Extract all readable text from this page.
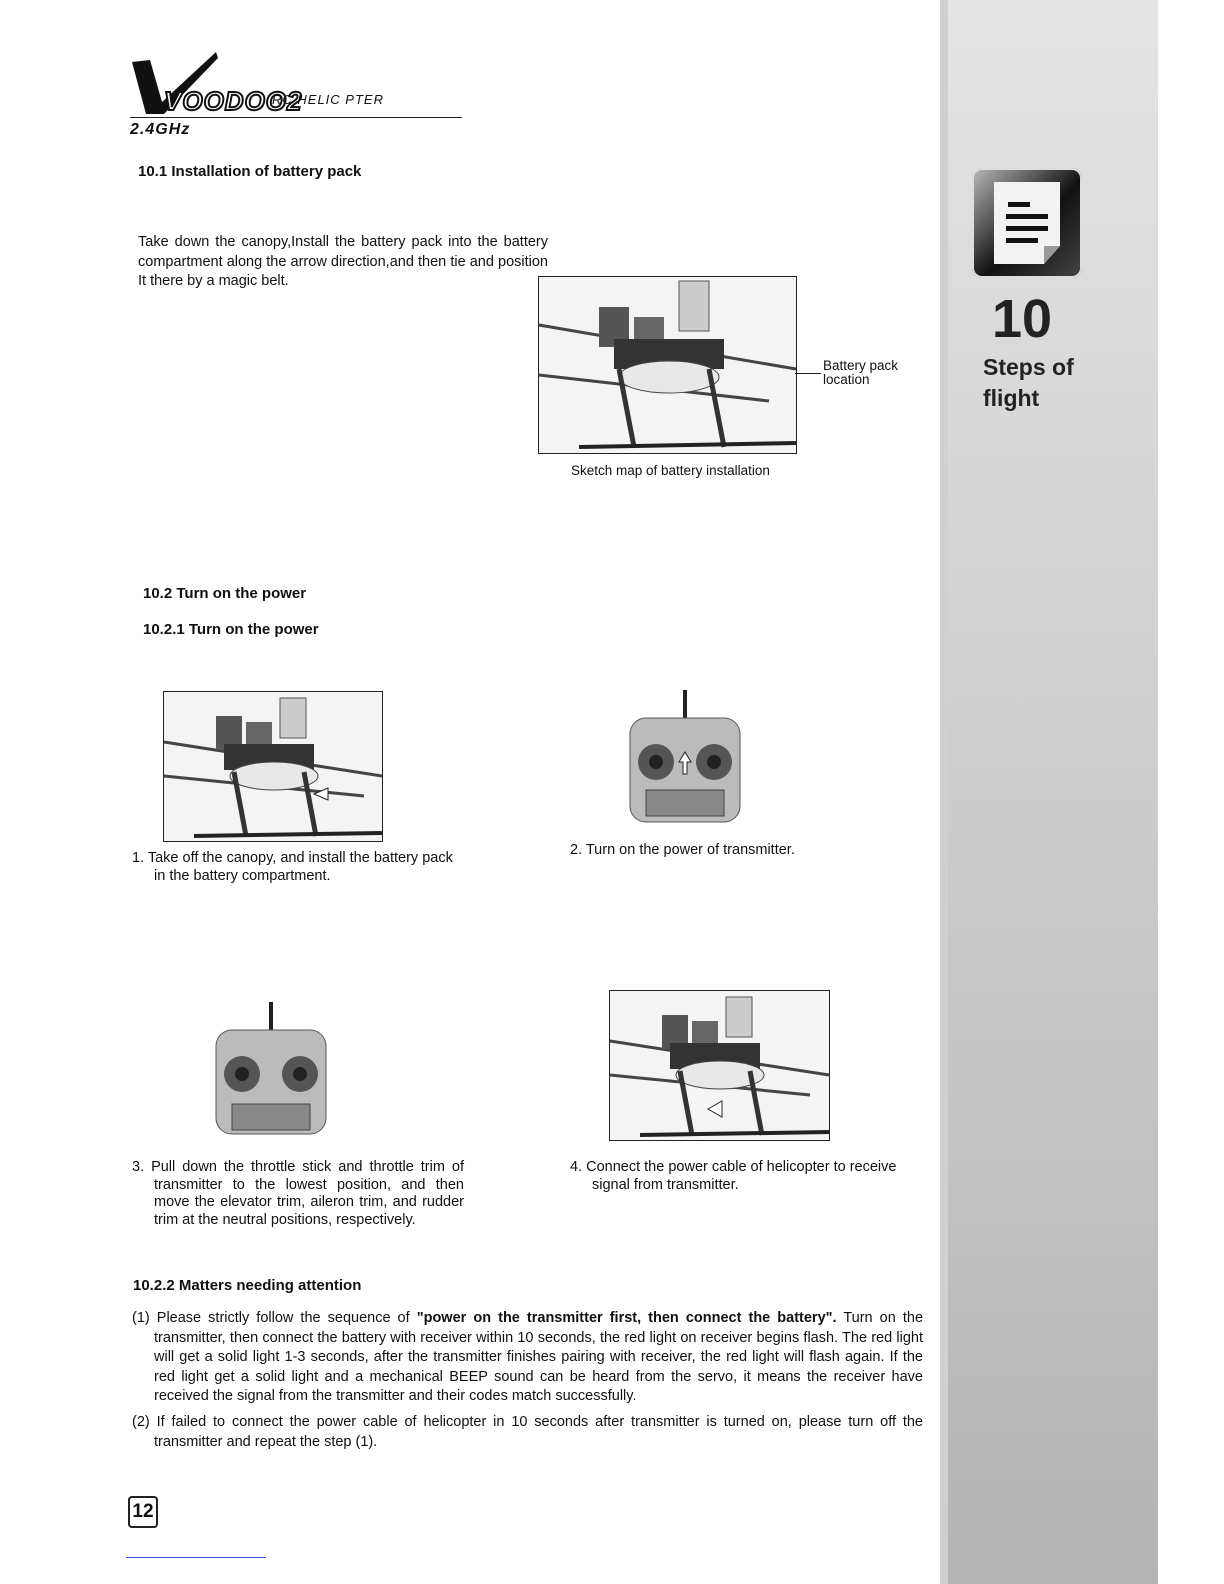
10
Steps of flight
VOODOO2
RC HELIC PTER
2.4GHz
10.1 Installation of battery pack
Take down the canopy,Install the battery pack into the battery compartment along the arrow direction,and then tie and position It there by a magic belt.
Battery pack location
Sketch map of battery installation
10.2 Turn on the power
10.2.1 Turn on the power
1. Take off the canopy, and install the battery pack in the battery compartment.
2. Turn on the power of transmitter.
3. Pull down the throttle stick and throttle trim of transmitter to the lowest position, and then move the elevator trim, aileron trim, and rudder trim at the neutral positions, respectively.
4. Connect the power cable of helicopter to receive signal from transmitter.
10.2.2 Matters needing attention
(1) Please strictly follow the sequence of "power on the transmitter first, then connect the battery". Turn on the transmitter, then connect the battery with receiver within 10 seconds, the red light on receiver begins flash. The red light will get a solid light 1-3 seconds, after the transmitter finishes pairing with receiver, the red light will flash again. If the red light get a solid light and a mechanical BEEP sound can be heard from the servo, it means the receiver have received the signal from the transmitter and their codes match successfully.
(2) If failed to connect the power cable of helicopter in 10 seconds after transmitter is turned on, please turn off the transmitter and repeat the step (1).
12
